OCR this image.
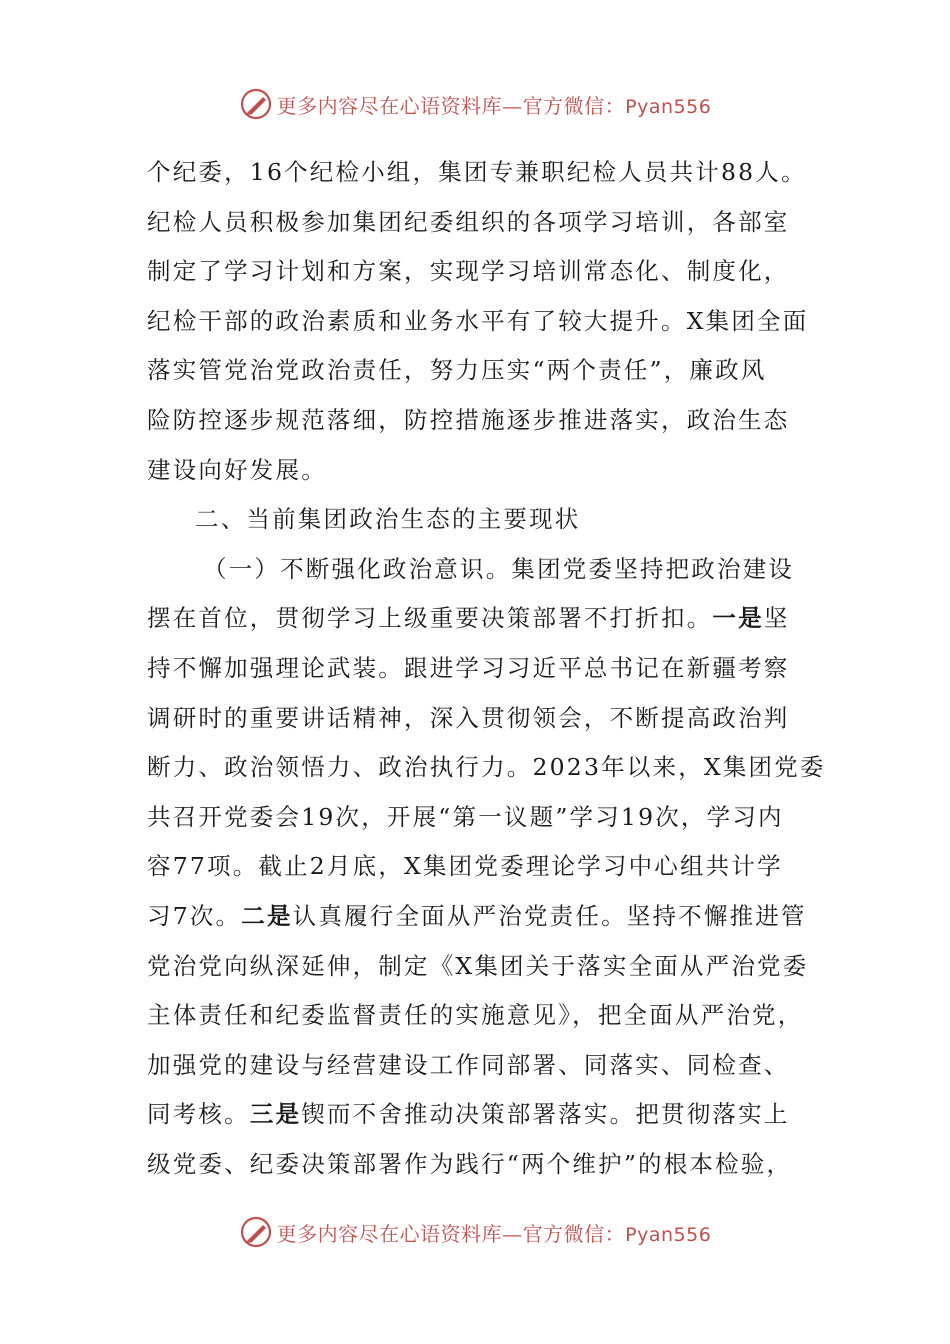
更多内容尽在心语资料库—官方微信：Pyan556
个纪委，16个纪检小组，集团专兼职纪检人员共计88人。
纪检人员积极参加集团纪委组织的各项学习培训，各部室
制定了学习计划和方案，实现学习培训常态化、制度化，
纪检干部的政治素质和业务水平有了较大提升。X集团全面
落实管党治党政治责任，努力压实“两个责任”，廉政风
险防控逐步规范落细，防控措施逐步推进落实，政治生态
建设向好发展。
二、当前集团政治生态的主要现状
（一）不断强化政治意识。集团党委坚持把政治建设
摆在首位，贯彻学习上级重要决策部署不打折扣。一是坚
持不懈加强理论武装。跟进学习习近平总书记在新疆考察
调研时的重要讲话精神，深入贯彻领会，不断提高政治判
断力、政治领悟力、政治执行力。2023年以来，X集团党委
共召开党委会19次，开展“第一议题”学习19次，学习内
容77项。截止2月底，X集团党委理论学习中心组共计学
习7次。二是认真履行全面从严治党责任。坚持不懈推进管
党治党向纵深延伸，制定《X集团关于落实全面从严治党委
主体责任和纪委监督责任的实施意见》，把全面从严治党，
加强党的建设与经营建设工作同部署、同落实、同检查、
同考核。三是锲而不舍推动决策部署落实。把贯彻落实上
级党委、纪委决策部署作为践行“两个维护”的根本检验，
更多内容尽在心语资料库—官方微信：Pyan556
